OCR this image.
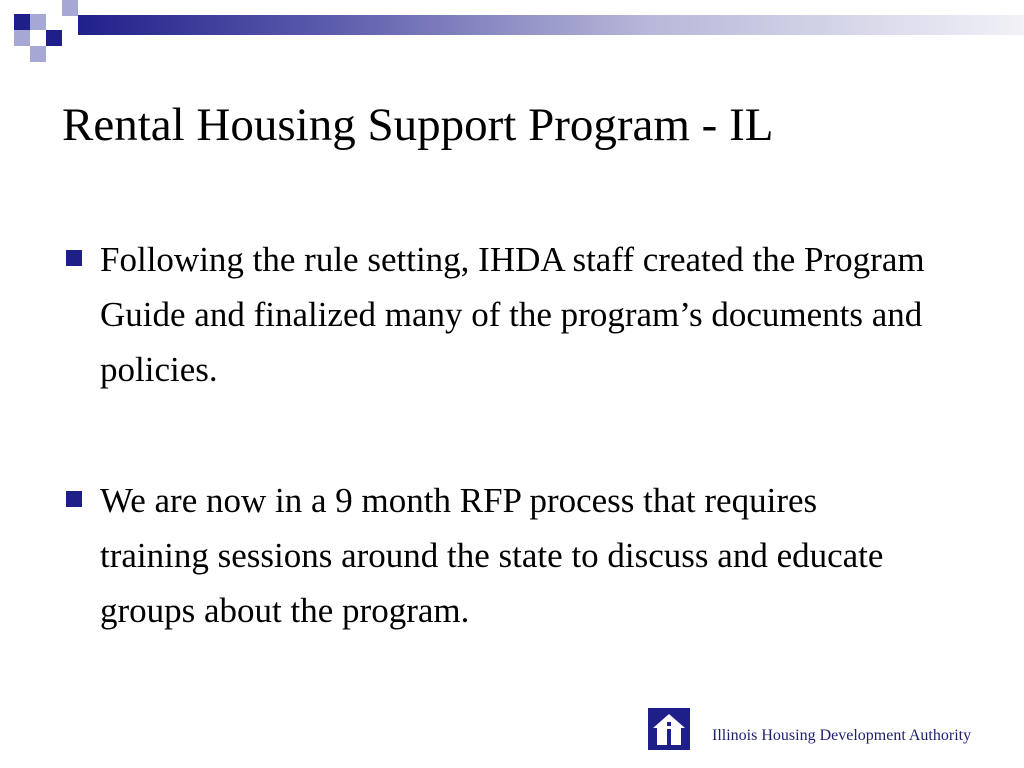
Rental Housing Support Program - IL
Following the rule setting, IHDA staff created the Program Guide and finalized many of the program’s documents and policies.
We are now in a 9 month RFP process that requires training sessions around the state to discuss and educate groups about the program.
Illinois Housing Development Authority
